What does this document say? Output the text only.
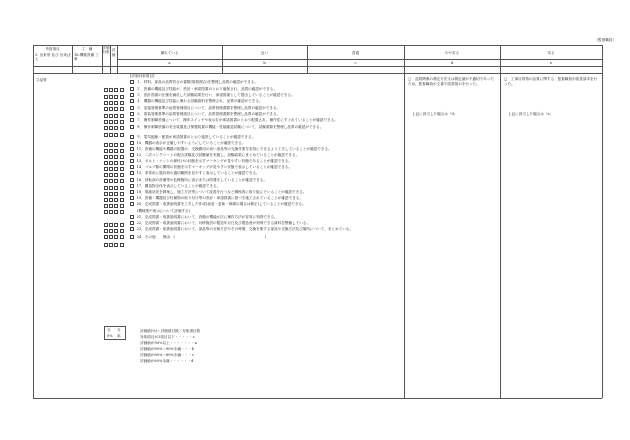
（監督職員）
考査項目
3. 出来形 及び 出来ばえ
工　種
16.機械設備 工事
評価対象
評価	優れている
a
良い
b
普通
c
やや劣る
d
劣る
e
②品質
[評価対象項目]
１．材料、部品の品質符合の書類(規格照合)を整理し品質の確認ができる。
２．設備の機能及び性能が、設計・承諾図書のとおり確保され、品質の確認ができる。
３．設計図書の仕様を満足した試験結果を行い、承諾図書として提出していることが確認できる。
４．機器の機能及び性能に係わる試験資料を整理され、品質の確認ができる。
５．溶接管理基準の品質管理項目について、品質管理書類を整理し品質の確認ができる。
６．塗装管理基準の品質管理項目について、品質管理書類を整理し品質の確認ができる。
７．操作制御設備について、操作スイッチや表示灯が承諾図書のとおり配置され、操作性にすぐれていることが確認できる。
８．操作制御設備の安全装置及び保護装置の機能・性能確認試験について、試験書類を整理し品質の確認ができる。
９．電気配線・配管が承諾図書のとおり施設していることが確認できる。
10．機器の表示が正確しやすいようにしていることが確認できる。
11．設備の機能や機器の配置が、交換費用の高い部品等の交換作業を容易にできるよう工夫していることが確認できる。
12．二次コンクリートの配合試験及び試験値を実施し、試験結果にまとめていることが確認できる。
13．ボルト・ナットの締付けの状態を示すマーキングが見やすい状態であることが確認できる。
14．バルブ類の開閉の状態を示すマーキングが見やすい状態で表示していることが確認できる。
15．非常用に過負荷の適切範囲を見やすく表示していることが確認できる。
16．回転部の設備等の危険箇所に表示または防護をしていることが確認できる。
17．構造物全体を表示していることが確認できる。
18．現地状況を勘案し、施工方法等について改善を行うなど積極的に取り組んでいることが確認できる。
19．設備・機器及び付属物の取り付け等の設計・承諾図書に基づき施工されていることが確認できる。
20．完成図書・取扱説明書を工夫した作成(表造・更新・修繕の場合は修正)していることが確認できる。
(機械集中表示について評価する)
21．完成図書・取扱説明書において、設備の機能が次に操作方法が容易に判別できる。
22．完成図書・取扱説明書において、対移施設の製造年月日及び製造者が判別できる資料を整備している。
23．完成図書・取扱説明書において、部品等の点検方法やその時期、交換を要する部品や交換方法及び場所について、まとめている。
24．その他　　理由：(　　　　　　　　　　　　　　　　　　　　　　　　　)
評価値(%)＝評価項目数／対象項目数
対象項目が2項目以下・・・・・c
評価値が90%以上・・・・・・・a
評価値が80%～90%未満・・・b
評価値が60%～80%未満・・・c
評価値が60%未満・・・・・・d
分 分
0% 率
□　品質関係の測定方法又は測定値が不適切であったため、監督職員が文書で改善指示を行った。
上記に該当した場合は「d」
□　工事目的物の品質に関する、監督職員が改善請求を行った。
上記に該当した場合は「e」
